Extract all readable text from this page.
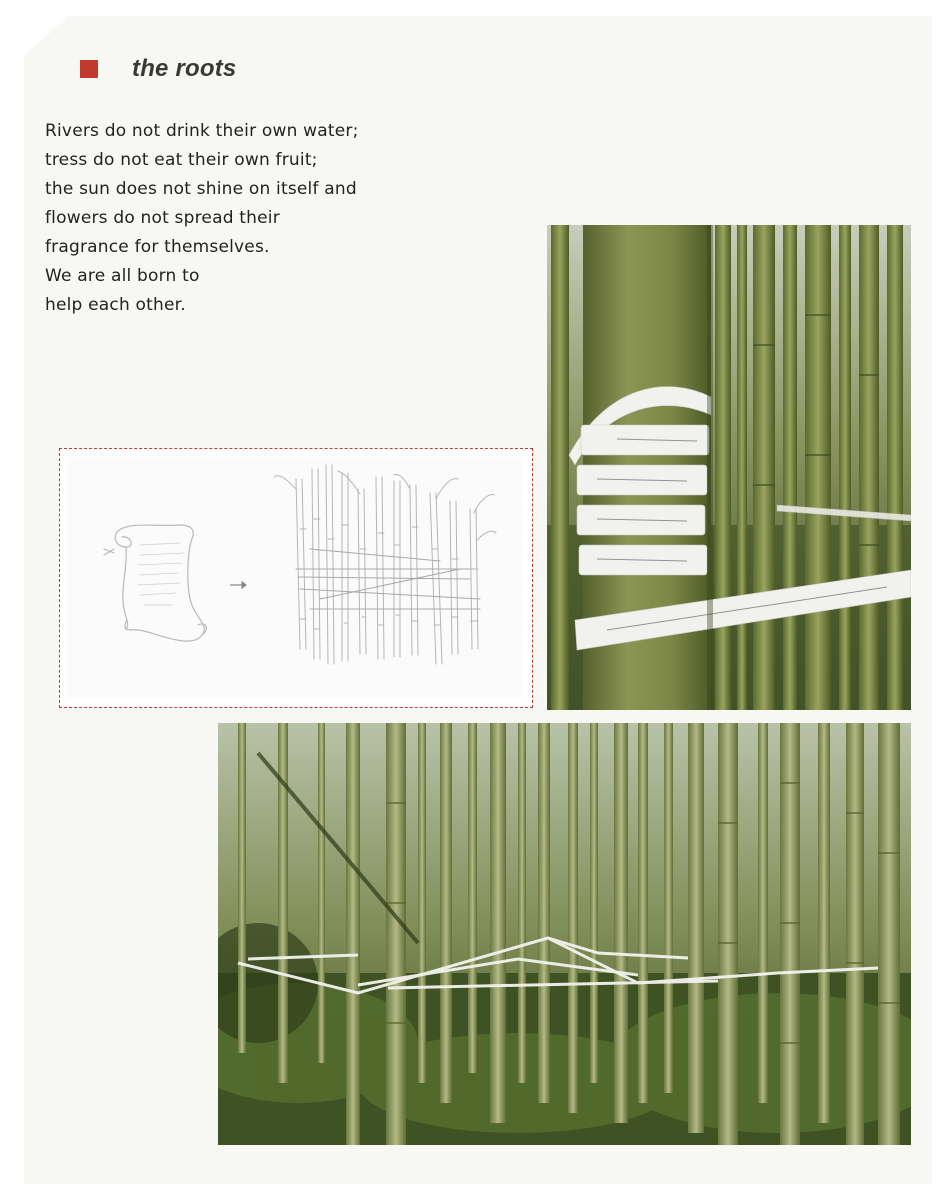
the roots
Rivers do not drink their own water;
tress do not eat their own fruit;
the sun does not shine on itself and
flowers do not spread their
fragrance for themselves.
We are all born to
help each other.
